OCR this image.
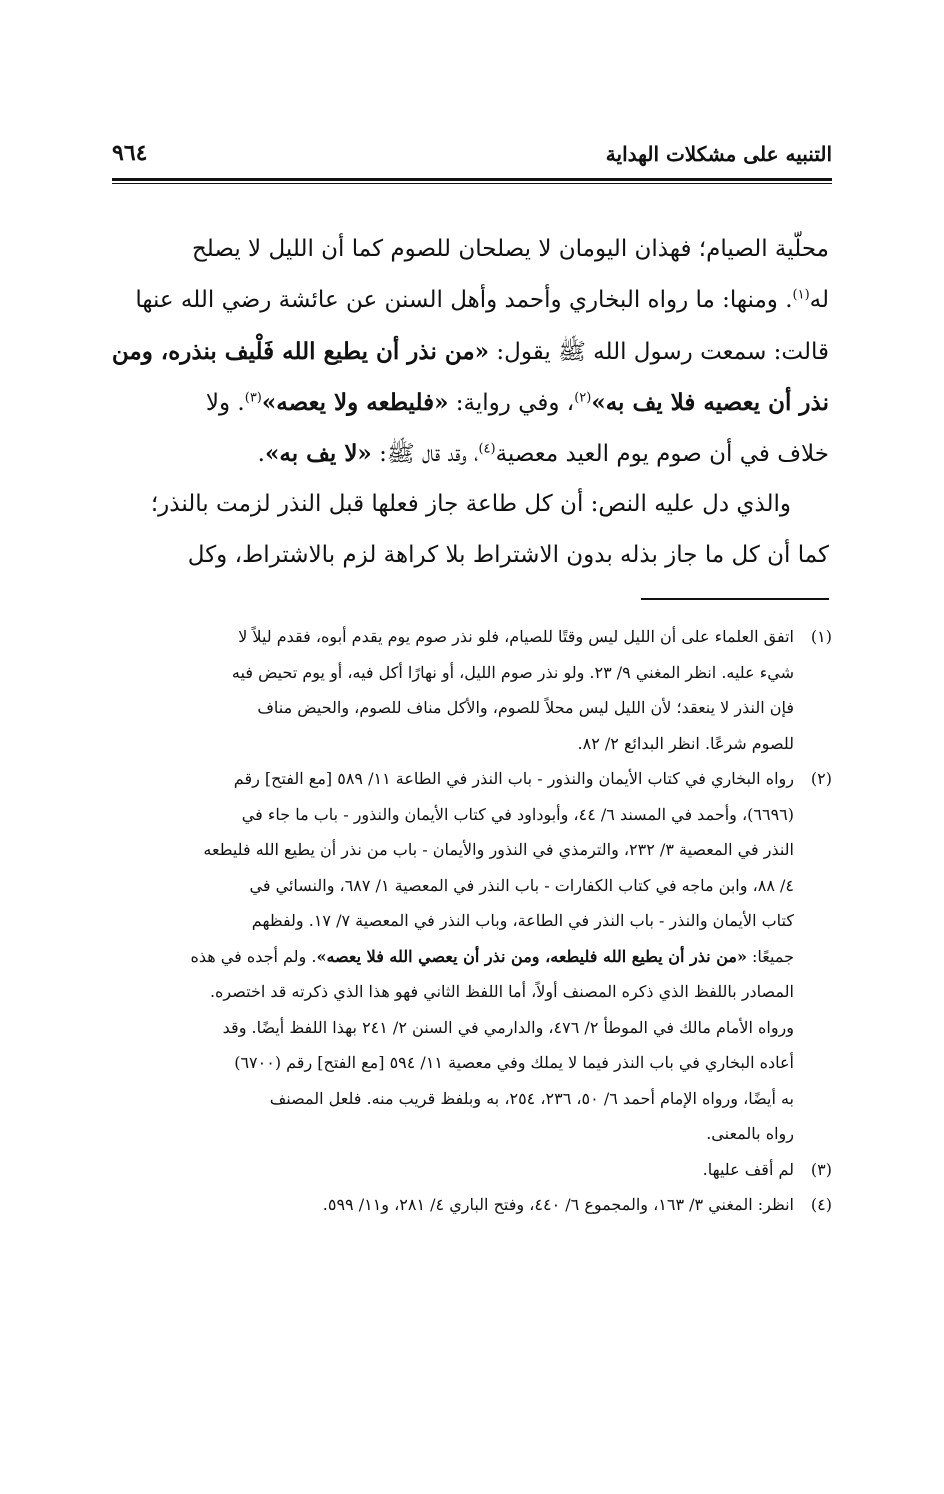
التنبيه على مشكلات الهداية
٩٦٤
محلّية الصيام؛ فهذان اليومان لا يصلحان للصوم كما أن الليل لا يصلح
له$^{(١)}$. ومنها: ما رواه البخاري وأحمد وأهل السنن عن عائشة رضي الله عنها
قالت: سمعت رسول الله ﷺ يقول: «من نذر أن يطيع الله فَلْيف بنذره، ومن
نذر أن يعصيه فلا يف به»$^{(٢)}$، وفي رواية: «فليطعه ولا يعصه»$^{(٣)}$. ولا
خلاف في أن صوم يوم العيد معصية$^{(٤)}$، وقد قال ﷺ: «لا يف به».
والذي دل عليه النص: أن كل طاعة جاز فعلها قبل النذر لزمت بالنذر؛
كما أن كل ما جاز بذله بدون الاشتراط بلا كراهة لزم بالاشتراط، وكل
(١)اتفق العلماء على أن الليل ليس وقتًا للصيام، فلو نذر صوم يوم يقدم أبوه، فقدم ليلاً لا
شيء عليه. انظر المغني ٩/ ٢٣. ولو نذر صوم الليل، أو نهارًا أكل فيه، أو يوم تحيض فيه
فإن النذر لا ينعقد؛ لأن الليل ليس محلاً للصوم، والأكل مناف للصوم، والحيض مناف
للصوم شرعًا. انظر البدائع ٢/ ٨٢.
(٢)رواه البخاري في كتاب الأيمان والنذور - باب النذر في الطاعة ١١/ ٥٨٩ [مع الفتح] رقم
(٦٦٩٦)، وأحمد في المسند ٦/ ٤٤، وأبوداود في كتاب الأيمان والنذور - باب ما جاء في
النذر في المعصية ٣/ ٢٣٢، والترمذي في النذور والأيمان - باب من نذر أن يطيع الله فليطعه
٤/ ٨٨، وابن ماجه في كتاب الكفارات - باب النذر في المعصية ١/ ٦٨٧، والنسائي في
كتاب الأيمان والنذر - باب النذر في الطاعة، وباب النذر في المعصية ٧/ ١٧. ولفظهم
جميعًا: «من نذر أن يطيع الله فليطعه، ومن نذر أن يعصي الله فلا يعصه». ولم أجده في هذه
المصادر باللفظ الذي ذكره المصنف أولاً، أما اللفظ الثاني فهو هذا الذي ذكرته قد اختصره.
ورواه الأمام مالك في الموطأ ٢/ ٤٧٦، والدارمي في السنن ٢/ ٢٤١ بهذا اللفظ أيضًا. وقد
أعاده البخاري في باب النذر فيما لا يملك وفي معصية ١١/ ٥٩٤ [مع الفتح] رقم (٦٧٠٠)
به أيضًا، ورواه الإمام أحمد ٦/ ٥٠، ٢٣٦، ٢٥٤، به وبلفظ قريب منه. فلعل المصنف
رواه بالمعنى.
(٣)لم أقف عليها.
(٤)انظر: المغني ٣/ ١٦٣، والمجموع ٦/ ٤٤٠، وفتح الباري ٤/ ٢٨١، و١١/ ٥٩٩.
